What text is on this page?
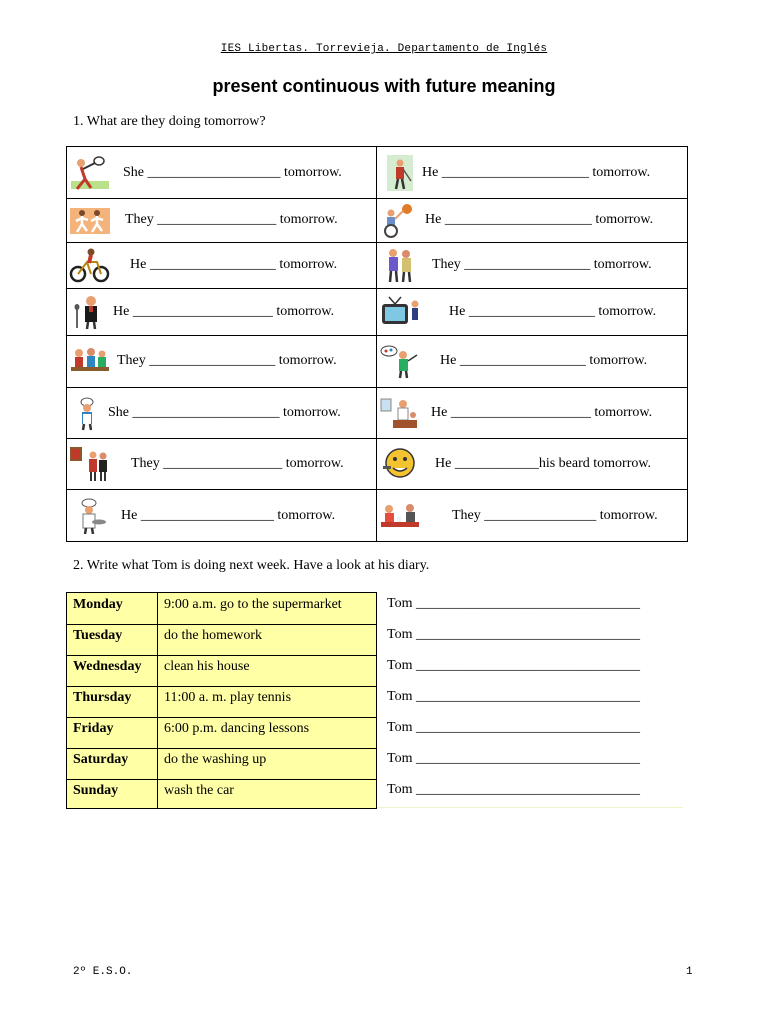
IES Libertas. Torrevieja. Departamento de Inglés
present continuous with future meaning
1. What are they doing tomorrow?
She ___________________ tomorrow.	He _____________________ tomorrow.
They _________________ tomorrow.	He _____________________ tomorrow.
He __________________ tomorrow.	They __________________ tomorrow.
He ____________________ tomorrow.	He __________________ tomorrow.
They __________________ tomorrow.	He __________________ tomorrow.
She _____________________ tomorrow.	He ____________________ tomorrow.
They _________________ tomorrow.	He ____________his beard tomorrow.
He ___________________ tomorrow.	They ________________ tomorrow.
2. Write what Tom is doing next week. Have a look at his diary.
Monday	9:00 a.m. go to the supermarket
Tuesday	do the homework
Wednesday clean his house
Thursday 11:00 a. m. play tennis
Friday	6:00 p.m. dancing lessons
Saturday	do the washing up
Sunday	wash the car
Tom ________________________________
Tom ________________________________
Tom ________________________________
Tom ________________________________
Tom ________________________________
Tom ________________________________
Tom ________________________________
2º E.S.O.	1
